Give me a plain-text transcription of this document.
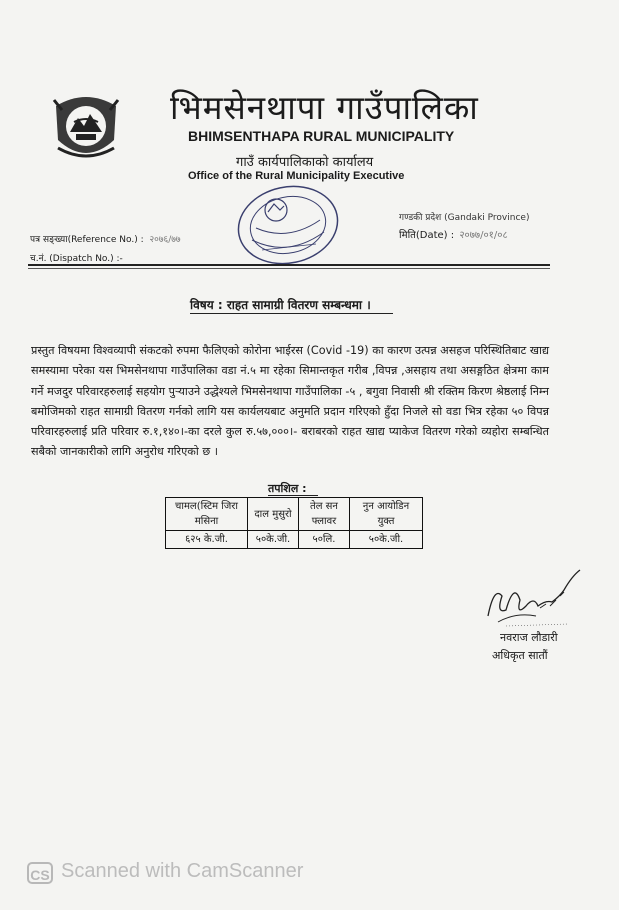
भिमसेनथापा गाउँपालिका
BHIMSENTHAPA RURAL MUNICIPALITY
गाउँ कार्यपालिकाको कार्यालय
Office of the Rural Municipality Executive
गण्डकी प्रदेश (Gandaki Province)
मिति(Date) : २०७७/०१/०८
पत्र सङ्ख्या(Reference No.) : २०७६/७७
च.नं. (Dispatch No.) :-
विषय : राहत सामाग्री वितरण सम्बन्धमा ।
प्रस्तुत विषयमा विश्वव्यापी संकटको रुपमा फैलिएको कोरोना भाईरस (Covid -19) का कारण उत्पन्न असहज परिस्थितिबाट खाद्य समस्यामा परेका यस भिमसेनथापा गाउँपालिका वडा नं.५ मा रहेका सिमान्तकृत गरीब ,विपन्न ,असहाय तथा असङ्गठित क्षेत्रमा काम गर्ने मजदुर परिवारहरुलाई सहयोग पुऱ्याउने उद्धेश्यले भिमसेनथापा गाउँपालिका -५ , बगुवा निवासी श्री रक्तिम किरण श्रेष्ठलाई निम्न बमोजिमको राहत सामाग्री वितरण गर्नको लागि यस कार्यलयबाट अनुमति प्रदान गरिएको हुँदा निजले सो वडा भित्र रहेका ५० विपन्न परिवारहरुलाई प्रति परिवार रु.१,१४०।-का दरले कुल रु.५७,०००।- बराबरको राहत खाद्य प्याकेज वितरण गरेको व्यहोरा सम्बन्धित सबैको जानकारीको लागि अनुरोध गरिएको छ ।
तपशिल :
चामल(स्टिम जिरा मसिना	दाल मुसुरो	तेल सन फ्लावर	नुन आयोडिन युक्त
६२५ के.जी.	५०के.जी.	५०लि.	५०के.जी.
नवराज लौडारी
अधिकृत सातौं
CS Scanned with CamScanner
